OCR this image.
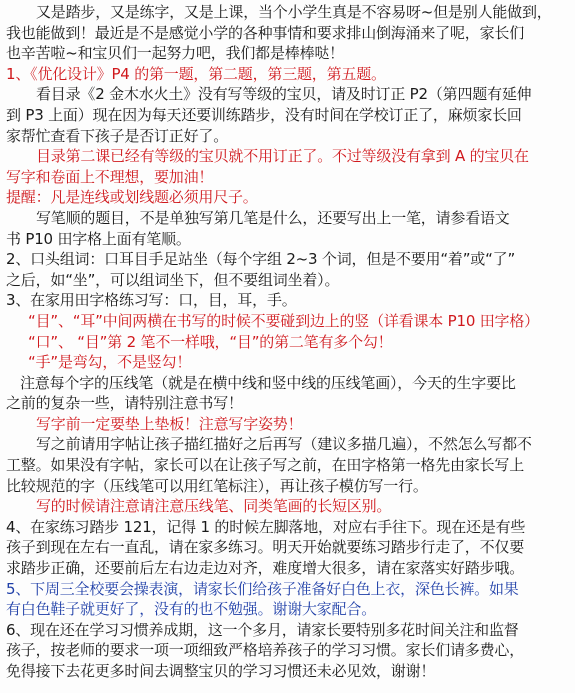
又是踏步，又是练字，又是上课，当个小学生真是不容易呀~但是别人能做到，
我也能做到！最近是不是感觉小学的各种事情和要求排山倒海涌来了呢，家长们
也辛苦啦~和宝贝们一起努力吧，我们都是棒棒哒！
1、《优化设计》P4 的第一题，第二题，第三题，第五题。
看目录《2 金木水火土》没有写等级的宝贝，请及时订正 P2（第四题有延伸
到 P3 上面）现在因为每天还要训练踏步，没有时间在学校订正了，麻烦家长回
家帮忙查看下孩子是否订正好了。
目录第二课已经有等级的宝贝就不用订正了。不过等级没有拿到 A 的宝贝在
写字和卷面上不理想，要加油！
提醒：凡是连线或划线题必须用尺子。
写笔顺的题目，不是单独写第几笔是什么，还要写出上一笔，请参看语文
书 P10 田字格上面有笔顺。
2、口头组词：口耳目手足站坐（每个字组 2~3 个词，但是不要用“着”或“了”
之后，如“坐”，可以组词坐下，但不要组词坐着）。
3、在家用田字格练习写：口，目，耳，手。
“目”、“耳”中间两横在书写的时候不要碰到边上的竖（详看课本 P10 田字格）
“口”、 “目”第 2 笔不一样哦，“目”的第二笔有多个勾！
“手”是弯勾，不是竖勾！
注意每个字的压线笔（就是在横中线和竖中线的压线笔画），今天的生字要比
之前的复杂一些，请特别注意书写！
写字前一定要垫上垫板！注意写字姿势！
写之前请用字帖让孩子描红描好之后再写（建议多描几遍），不然怎么写都不
工整。如果没有字帖，家长可以在让孩子写之前，在田字格第一格先由家长写上
比较规范的字（压线笔可以用红笔标注），再让孩子模仿写一行。
写的时候请注意请注意压线笔、同类笔画的长短区别。
4、在家练习踏步 121，记得 1 的时候左脚落地，对应右手往下。现在还是有些
孩子到现在左右一直乱，请在家多练习。明天开始就要练习踏步行走了，不仅要
求踏步正确，还要前后左右边走边对齐，难度增大很多，请在家落实好踏步哦。
5、下周三全校要会操表演，请家长们给孩子准备好白色上衣，深色长裤。如果
有白色鞋子就更好了，没有的也不勉强。谢谢大家配合。
6、现在还在学习习惯养成期，这一个多月，请家长要特别多花时间关注和监督
孩子，按老师的要求一项一项细致严格培养孩子的学习习惯。家长们请多费心，
免得接下去花更多时间去调整宝贝的学习习惯还未必见效，谢谢！
